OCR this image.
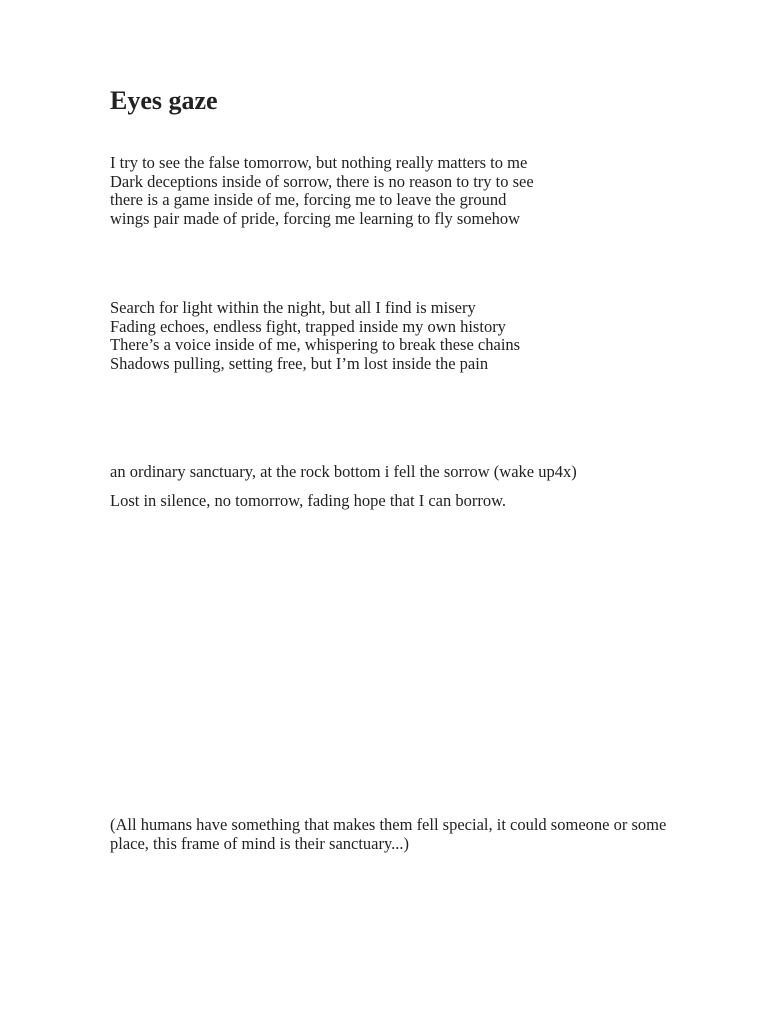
Eyes gaze
I try to see the false tomorrow, but nothing really matters to me
Dark deceptions inside of sorrow, there is no reason to try to see
there is a game inside of me, forcing me to leave the ground
wings pair made of pride, forcing me learning to fly somehow
Search for light within the night, but all I find is misery
Fading echoes, endless fight, trapped inside my own history
There’s a voice inside of me, whispering to break these chains
Shadows pulling, setting free, but I’m lost inside the pain

an ordinary sanctuary, at the rock bottom i fell the sorrow (wake up4x)

Lost in silence, no tomorrow, fading hope that I can borrow.

(All humans have something that makes them fell special, it could someone or some place, this frame of mind is their sanctuary...)
